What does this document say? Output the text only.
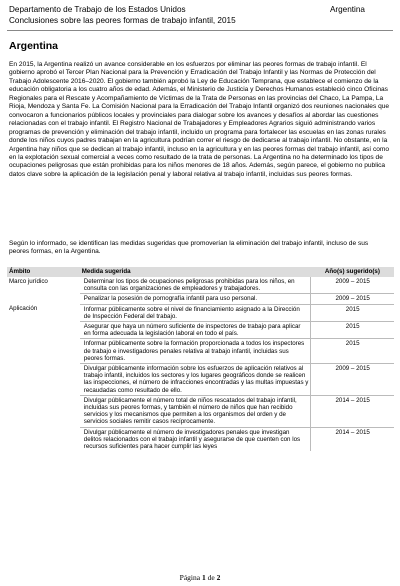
Departamento de Trabajo de los Estados Unidos	Argentina
Conclusiones sobre las peores formas de trabajo infantil, 2015
Argentina

En 2015, la Argentina realizó un avance considerable en los esfuerzos por eliminar las peores formas de trabajo infantil. El gobierno aprobó el Tercer Plan Nacional para la Prevención y Erradicación del Trabajo Infantil y las Normas de Protección del Trabajo Adolescente 2016–2020. El gobierno también aprobó la Ley de Educación Temprana, que establece el comienzo de la educación obligatoria a los cuatro años de edad. Además, el Ministerio de Justicia y Derechos Humanos estableció cinco Oficinas Regionales para el Rescate y Acompañamiento de Víctimas de la Trata de Personas en las provincias del Chaco, La Pampa, La Rioja, Mendoza y Santa Fe. La Comisión Nacional para la Erradicación del Trabajo Infantil organizó dos reuniones nacionales que convocaron a funcionarios públicos locales y provinciales para dialogar sobre los avances y desafíos al abordar las cuestiones relacionadas con el trabajo infantil. El Registro Nacional de Trabajadores y Empleadores Agrarios siguió administrando varios programas de prevención y eliminación del trabajo infantil, incluido un programa para fortalecer las escuelas en las zonas rurales donde los niños cuyos padres trabajan en la agricultura podrían correr el riesgo de dedicarse al trabajo infantil. No obstante, en la Argentina hay niños que se dedican al trabajo infantil, incluso en la agricultura y en las peores formas del trabajo infantil, así como en la explotación sexual comercial a veces como resultado de la trata de personas. La Argentina no ha determinado los tipos de ocupaciones peligrosas que están prohibidas para los niños menores de 18 años. Además, según parece, el gobierno no publica datos clave sobre la aplicación de la legislación penal y laboral relativa al trabajo infantil, incluidas sus peores formas.

Según lo informado, se identifican las medidas sugeridas que promoverían la eliminación del trabajo infantil, incluso de sus peores formas, en la Argentina.

Ámbito	Medida sugerida	Año(s) sugerido(s)
Marco jurídico	Determinar los tipos de ocupaciones peligrosas prohibidas para los niños, en consulta con las organizaciones de empleadores y trabajadores.	2009 – 2015
	Penalizar la posesión de pornografía infantil para uso personal.	2009 – 2015
Aplicación	Informar públicamente sobre el nivel de financiamiento asignado a la Dirección de Inspección Federal del trabajo.	2015
	Asegurar que haya un número suficiente de inspectores de trabajo para aplicar en forma adecuada la legislación laboral en todo el país.	2015
	Informar públicamente sobre la formación proporcionada a todos los inspectores de trabajo e investigadores penales relativa al trabajo infantil, incluidas sus peores formas.	2015
	Divulgar públicamente información sobre los esfuerzos de aplicación relativos al trabajo infantil, incluidos los sectores y los lugares geográficos donde se realicen las inspecciones, el número de infracciones encontradas y las multas impuestas y recaudadas como resultado de ello.	2009 – 2015
	Divulgar públicamente el número total de niños rescatados del trabajo infantil, incluidas sus peores formas, y también el número de niños que han recibido servicios y los mecanismos que permiten a los organismos del orden y de servicios sociales remitir casos recíprocamente.	2014 – 2015
	Divulgar públicamente el número de investigadores penales que investigan delitos relacionados con el trabajo infantil y asegurarse de que cuenten con los recursos suficientes para hacer cumplir las leyes	2014 – 2015
Página 1 de 2
